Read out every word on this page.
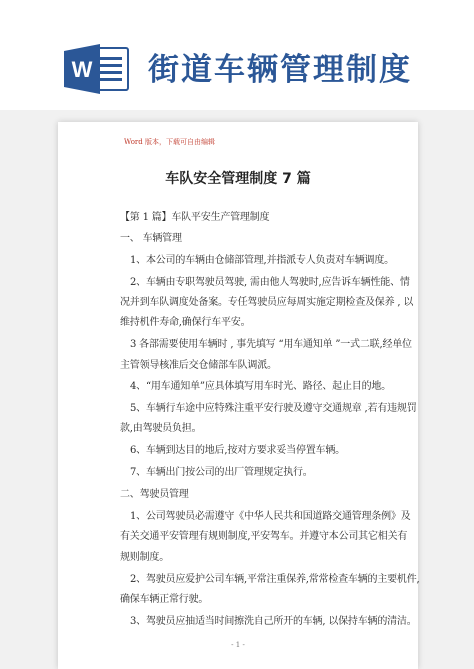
W 街道车辆管理制度
Word 版本，下载可自由编辑
车队安全管理制度 7 篇
【第 1 篇】车队平安生产管理制度
一、 车辆管理
1、本公司的车辆由仓储部管理,并指派专人负责对车辆调度。
2、车辆由专职驾驶员驾驶, 需由他人驾驶时,应告诉车辆性能、情
况并到车队调度处备案。专任驾驶员应每周实施定期检查及保养 , 以
维持机件寿命,确保行车平安。
3 各部需要使用车辆时 , 事先填写 “用车通知单 ”一式二联,经单位
主管领导核准后交仓储部车队调派。
4、“用车通知单”应具体填写用车时光、路径、起止目的地。
5、车辆行车途中应特殊注重平安行驶及遵守交通规章 ,若有违规罚
款,由驾驶员负担。
6、车辆到达目的地后,按对方要求妥当停置车辆。
7、车辆出门按公司的出厂管理规定执行。
二、驾驶员管理
1、公司驾驶员必需遵守《中华人民共和国道路交通管理条例》及
有关交通平安管理有规则制度,平安驾车。并遵守本公司其它相关有
规则制度。
2、驾驶员应爱护公司车辆,平常注重保养,常常检查车辆的主要机件,
确保车辆正常行驶。
3、驾驶员应抽适当时间擦洗自己所开的车辆, 以保持车辆的清洁。
- 1 -
